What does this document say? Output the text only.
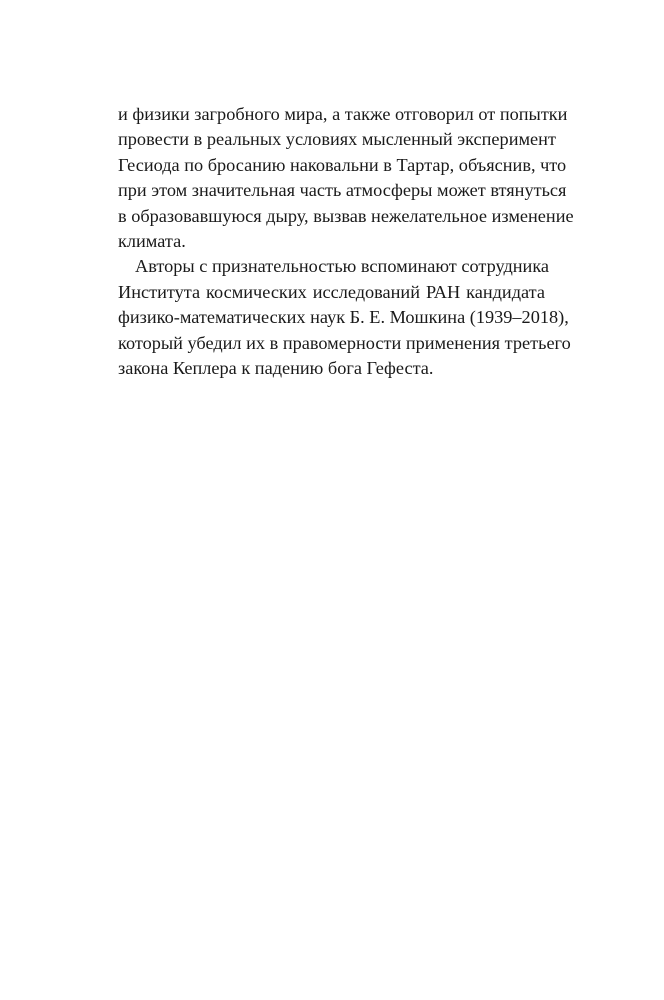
и физики загробного мира, а также отговорил от попытки
провести в реальных условиях мысленный эксперимент
Гесиода по бросанию наковальни в Тартар, объяснив, что
при этом значительная часть атмосферы может втянуться
в образовавшуюся дыру, вызвав нежелательное изменение
климата.
Авторы с признательностью вспоминают сотрудника
Института космических исследований РАН кандидата
физико-математических наук Б. Е. Мошкина (1939–2018),
который убедил их в правомерности применения третьего
закона Кеплера к падению бога Гефеста.
